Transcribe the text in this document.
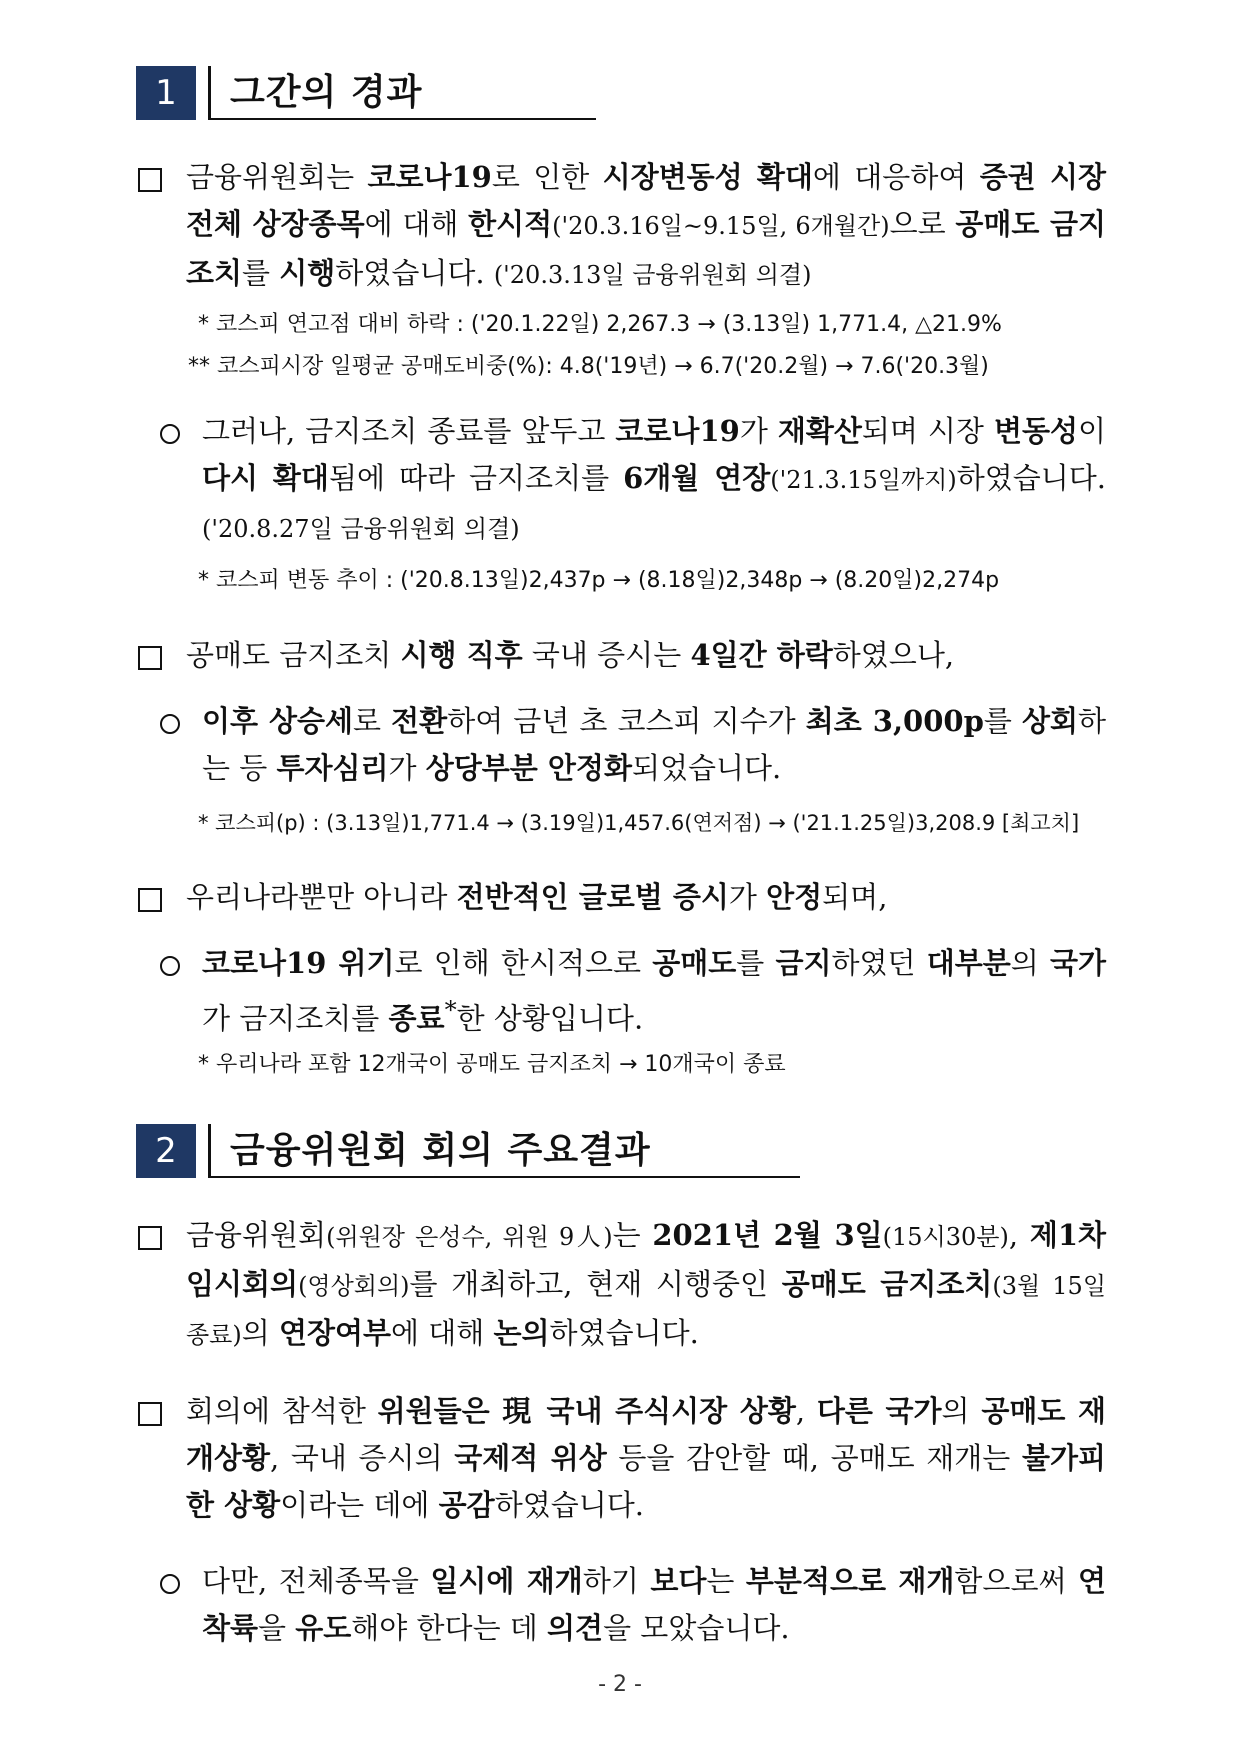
1	그간의 경과
금융위원회는 코로나19로 인한 시장변동성 확대에 대응하여 증권 시장 전체 상장종목에 대해 한시적('20.3.16일~9.15일, 6개월간)으로 공매도 금지조치를 시행하였습니다. ('20.3.13일 금융위원회 의결)
* 코스피 연고점 대비 하락 : ('20.1.22일) 2,267.3 → (3.13일) 1,771.4, △21.9%
** 코스피시장 일평균 공매도비중(%): 4.8('19년) → 6.7('20.2월) → 7.6('20.3월)
그러나, 금지조치 종료를 앞두고 코로나19가 재확산되며 시장 변동성이 다시 확대됨에 따라 금지조치를 6개월 연장('21.3.15일까지)하였습니다. ('20.8.27일 금융위원회 의결)
* 코스피 변동 추이 : ('20.8.13일)2,437p → (8.18일)2,348p → (8.20일)2,274p
공매도 금지조치 시행 직후 국내 증시는 4일간 하락하였으나,
이후 상승세로 전환하여 금년 초 코스피 지수가 최초 3,000p를 상회하는 등 투자심리가 상당부분 안정화되었습니다.
* 코스피(p) : (3.13일)1,771.4 → (3.19일)1,457.6(연저점) → ('21.1.25일)3,208.9 [최고치]
우리나라뿐만 아니라 전반적인 글로벌 증시가 안정되며,
코로나19 위기로 인해 한시적으로 공매도를 금지하였던 대부분의 국가가 금지조치를 종료*한 상황입니다.
* 우리나라 포함 12개국이 공매도 금지조치 → 10개국이 종료
2	금융위원회 회의 주요결과
금융위원회(위원장 은성수, 위원 9人)는 2021년 2월 3일(15시30분), 제1차 임시회의(영상회의)를 개최하고, 현재 시행중인 공매도 금지조치(3월 15일 종료)의 연장여부에 대해 논의하였습니다.
회의에 참석한 위원들은 現 국내 주식시장 상황, 다른 국가의 공매도 재개상황, 국내 증시의 국제적 위상 등을 감안할 때, 공매도 재개는 불가피한 상황이라는 데에 공감하였습니다.
다만, 전체종목을 일시에 재개하기 보다는 부분적으로 재개함으로써 연착륙을 유도해야 한다는 데 의견을 모았습니다.
- 2 -
